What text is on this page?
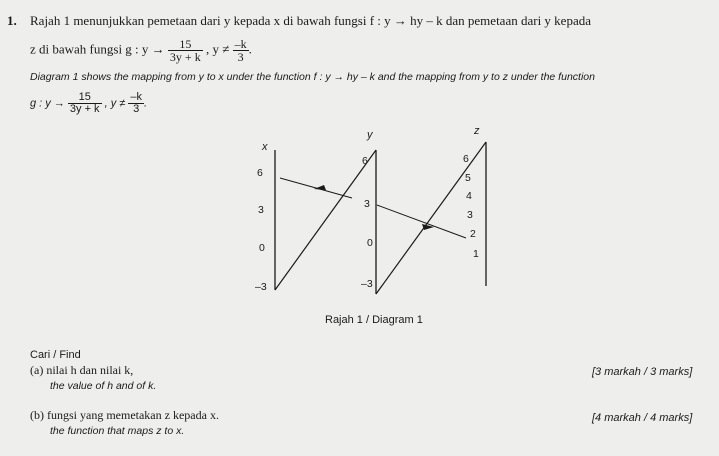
1. Rajah 1 menunjukkan pemetaan dari y kepada x di bawah fungsi f : y → hy – k dan pemetaan dari y kepada
z di bawah fungsi g : $y \to \frac{15}{3y + k}$ , $y \ne \frac{-k}{3}$ .
Diagram 1 shows the mapping from y to x under the function f : y → hy – k and the mapping from y to z under the function
g : $y \to \frac{15}{3y + k}$ , $y \ne \frac{-k}{3}$ .
x
6
3
0
–3
y
6
3
0
–3
z
6
5
4
3
2
1
Rajah 1 / Diagram 1
Cari / Find
(a) nilai h dan nilai k,
the value of h and of k.
[3 markah / 3 marks]
(b) fungsi yang memetakan z kepada x.
the function that maps z to x.
[4 markah / 4 marks]
